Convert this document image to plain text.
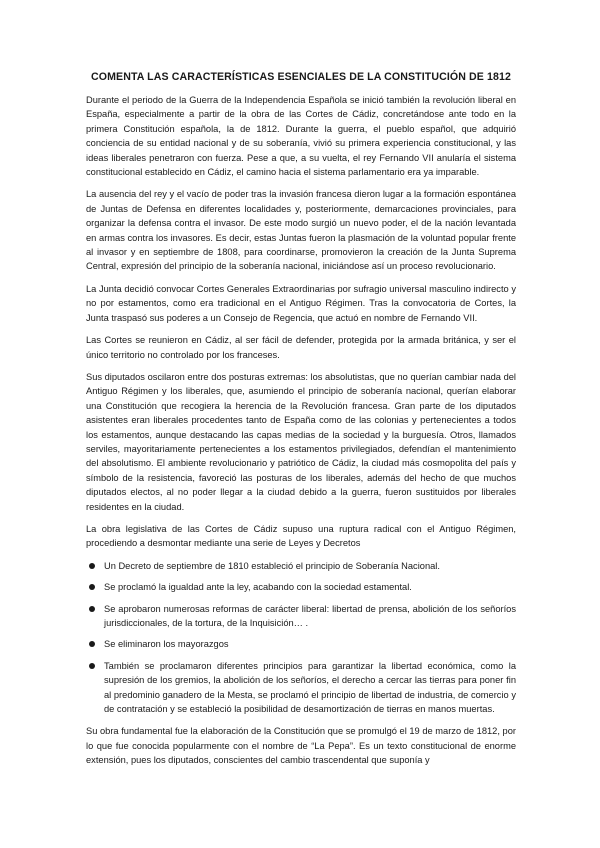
COMENTA LAS CARACTERÍSTICAS ESENCIALES DE LA CONSTITUCIÓN DE 1812

Durante el periodo de la Guerra de la Independencia Española se inició también la revolución liberal en España, especialmente a partir de la obra de las Cortes de Cádiz, concretándose ante todo en la primera Constitución española, la de 1812. Durante la guerra, el pueblo español, que adquirió conciencia de su entidad nacional y de su soberanía, vivió su primera experiencia constitucional, y las ideas liberales penetraron con fuerza. Pese a que, a su vuelta, el rey Fernando VII anularía el sistema constitucional establecido en Cádiz, el camino hacia el sistema parlamentario era ya imparable.

La ausencia del rey y el vacío de poder tras la invasión francesa dieron lugar a la formación espontánea de Juntas de Defensa en diferentes localidades y, posteriormente, demarcaciones provinciales, para organizar la defensa contra el invasor. De este modo surgió un nuevo poder, el de la nación levantada en armas contra los invasores. Es decir, estas Juntas fueron la plasmación de la voluntad popular frente al invasor y en septiembre de 1808, para coordinarse, promovieron la creación de la Junta Suprema Central, expresión del principio de la soberanía nacional, iniciándose así un proceso revolucionario.

La Junta decidió convocar Cortes Generales Extraordinarias por sufragio universal masculino indirecto y no por estamentos, como era tradicional en el Antiguo Régimen. Tras la convocatoria de Cortes, la Junta traspasó sus poderes a un Consejo de Regencia, que actuó en nombre de Fernando VII.

Las Cortes se reunieron en Cádiz, al ser fácil de defender, protegida por la armada británica, y ser el único territorio no controlado por los franceses.

Sus diputados oscilaron entre dos posturas extremas: los absolutistas, que no querían cambiar nada del Antiguo Régimen y los liberales, que, asumiendo el principio de soberanía nacional, querían elaborar una Constitución que recogiera la herencia de la Revolución francesa. Gran parte de los diputados asistentes eran liberales procedentes tanto de España como de las colonias y pertenecientes a todos los estamentos, aunque destacando las capas medias de la sociedad y la burguesía. Otros, llamados serviles, mayoritariamente pertenecientes a los estamentos privilegiados, defendían el mantenimiento del absolutismo. El ambiente revolucionario y patriótico de Cádiz, la ciudad más cosmopolita del país y símbolo de la resistencia, favoreció las posturas de los liberales, además del hecho de que muchos diputados electos, al no poder llegar a la ciudad debido a la guerra, fueron sustituidos por liberales residentes en la ciudad.

La obra legislativa de las Cortes de Cádiz supuso una ruptura radical con el Antiguo Régimen, procediendo a desmontar mediante una serie de Leyes y Decretos

Un Decreto de septiembre de 1810 estableció el principio de Soberanía Nacional.
Se proclamó la igualdad ante la ley, acabando con la sociedad estamental.
Se aprobaron numerosas reformas de carácter liberal: libertad de prensa, abolición de los señoríos jurisdiccionales, de la tortura, de la Inquisición… .
Se eliminaron los mayorazgos
También se proclamaron diferentes principios para garantizar la libertad económica, como la supresión de los gremios, la abolición de los señoríos, el derecho a cercar las tierras para poner fin al predominio ganadero de la Mesta, se proclamó el principio de libertad de industria, de comercio y de contratación y se estableció la posibilidad de desamortización de tierras en manos muertas.

Su obra fundamental fue la elaboración de la Constitución que se promulgó el 19 de marzo de 1812, por lo que fue conocida popularmente con el nombre de “La Pepa”. Es un texto constitucional de enorme extensión, pues los diputados, conscientes del cambio trascendental que suponía y
